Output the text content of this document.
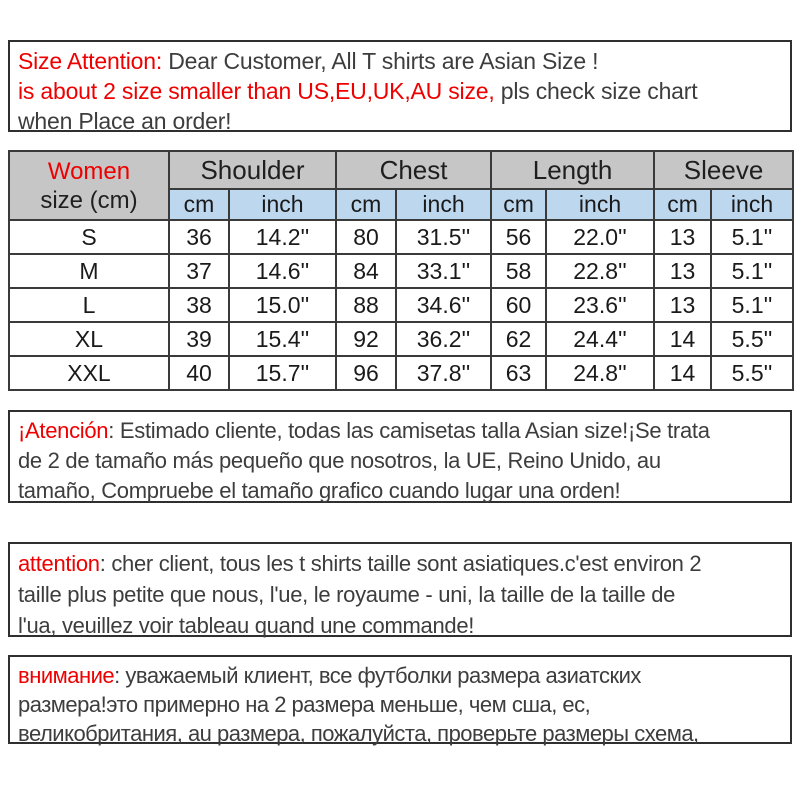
Size Attention: Dear Customer, All T shirts are Asian Size !
is about 2 size smaller than US,EU,UK,AU size, pls check size chart
when Place an order!
Women
size (cm)	Shoulder		Chest		Length		Sleeve	
	cm	inch	cm	inch	cm	inch	cm	inch
S	36	14.2''	80	31.5''	56	22.0''	13	5.1''
M	37	14.6''	84	33.1''	58	22.8''	13	5.1''
L	38	15.0''	88	34.6''	60	23.6''	13	5.1''
XL	39	15.4''	92	36.2''	62	24.4''	14	5.5''
XXL	40	15.7''	96	37.8''	63	24.8''	14	5.5''
¡Atención: Estimado cliente, todas las camisetas talla Asian size!¡Se trata
de 2 de tamaño más pequeño que nosotros, la UE, Reino Unido, au
tamaño, Compruebe el tamaño grafico cuando lugar una orden!
attention: cher client, tous les t shirts taille sont asiatiques.c'est environ 2
taille plus petite que nous, l'ue, le royaume - uni, la taille de la taille de
l'ua, veuillez voir tableau quand une commande!
внимание: уважаемый клиент, все футболки размера азиатских
размера!это примерно на 2 размера меньше, чем сша, ес,
великобритания, au размера, пожалуйста, проверьте размеры схема,
